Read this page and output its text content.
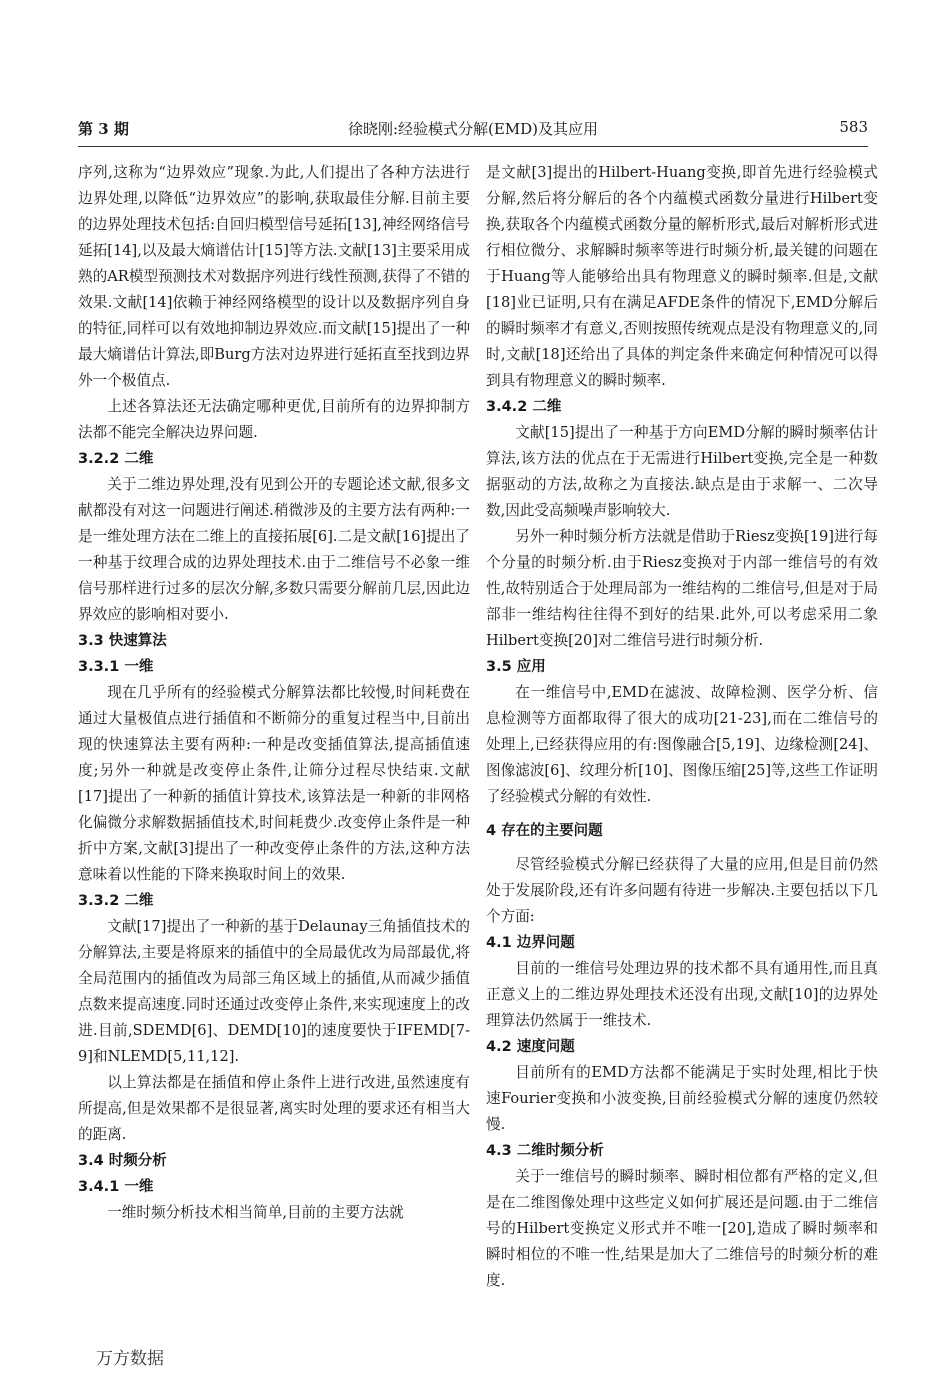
第 3 期	徐晓刚:经验模式分解(EMD)及其应用	583

序列,这称为“边界效应”现象.为此,人们提出了各种方法进行边界处理,以降低“边界效应”的影响,获取最佳分解.目前主要的边界处理技术包括:自回归模型信号延拓[13],神经网络信号延拓[14],以及最大熵谱估计[15]等方法.文献[13]主要采用成熟的AR模型预测技术对数据序列进行线性预测,获得了不错的效果.文献[14]依赖于神经网络模型的设计以及数据序列自身的特征,同样可以有效地抑制边界效应.而文献[15]提出了一种最大熵谱估计算法,即Burg方法对边界进行延拓直至找到边界外一个极值点.

上述各算法还无法确定哪种更优,目前所有的边界抑制方法都不能完全解决边界问题.

3.2.2 二维

关于二维边界处理,没有见到公开的专题论述文献,很多文献都没有对这一问题进行阐述.稍微涉及的主要方法有两种:一是一维处理方法在二维上的直接拓展[6].二是文献[16]提出了一种基于纹理合成的边界处理技术.由于二维信号不必象一维信号那样进行过多的层次分解,多数只需要分解前几层,因此边界效应的影响相对要小.

3.3 快速算法
3.3.1 一维

现在几乎所有的经验模式分解算法都比较慢,时间耗费在通过大量极值点进行插值和不断筛分的重复过程当中,目前出现的快速算法主要有两种:一种是改变插值算法,提高插值速度;另外一种就是改变停止条件,让筛分过程尽快结束.文献[17]提出了一种新的插值计算技术,该算法是一种新的非网格化偏微分求解数据插值技术,时间耗费少.改变停止条件是一种折中方案,文献[3]提出了一种改变停止条件的方法,这种方法意味着以性能的下降来换取时间上的效果.

3.3.2 二维

文献[17]提出了一种新的基于Delaunay三角插值技术的分解算法,主要是将原来的插值中的全局最优改为局部最优,将全局范围内的插值改为局部三角区域上的插值,从而减少插值点数来提高速度.同时还通过改变停止条件,来实现速度上的改进.目前,SDEMD[6]、DEMD[10]的速度要快于IFEMD[7-9]和NLEMD[5,11,12].

以上算法都是在插值和停止条件上进行改进,虽然速度有所提高,但是效果都不是很显著,离实时处理的要求还有相当大的距离.

3.4 时频分析
3.4.1 一维

一维时频分析技术相当简单,目前的主要方法就

是文献[3]提出的Hilbert-Huang变换,即首先进行经验模式分解,然后将分解后的各个内蕴模式函数分量进行Hilbert变换,获取各个内蕴模式函数分量的解析形式,最后对解析形式进行相位微分、求解瞬时频率等进行时频分析,最关键的问题在于Huang等人能够给出具有物理意义的瞬时频率.但是,文献[18]业已证明,只有在满足AFDE条件的情况下,EMD分解后的瞬时频率才有意义,否则按照传统观点是没有物理意义的,同时,文献[18]还给出了具体的判定条件来确定何种情况可以得到具有物理意义的瞬时频率.

3.4.2 二维

文献[15]提出了一种基于方向EMD分解的瞬时频率估计算法,该方法的优点在于无需进行Hilbert变换,完全是一种数据驱动的方法,故称之为直接法.缺点是由于求解一、二次导数,因此受高频噪声影响较大.

另外一种时频分析方法就是借助于Riesz变换[19]进行每个分量的时频分析.由于Riesz变换对于内部一维信号的有效性,故特别适合于处理局部为一维结构的二维信号,但是对于局部非一维结构往往得不到好的结果.此外,可以考虑采用二象Hilbert变换[20]对二维信号进行时频分析.

3.5 应用

在一维信号中,EMD在滤波、故障检测、医学分析、信息检测等方面都取得了很大的成功[21-23],而在二维信号的处理上,已经获得应用的有:图像融合[5,19]、边缘检测[24]、图像滤波[6]、纹理分析[10]、图像压缩[25]等,这些工作证明了经验模式分解的有效性.

4 存在的主要问题

尽管经验模式分解已经获得了大量的应用,但是目前仍然处于发展阶段,还有许多问题有待进一步解决.主要包括以下几个方面:

4.1 边界问题

目前的一维信号处理边界的技术都不具有通用性,而且真正意义上的二维边界处理技术还没有出现,文献[10]的边界处理算法仍然属于一维技术.

4.2 速度问题

目前所有的EMD方法都不能满足于实时处理,相比于快速Fourier变换和小波变换,目前经验模式分解的速度仍然较慢.

4.3 二维时频分析

关于一维信号的瞬时频率、瞬时相位都有严格的定义,但是在二维图像处理中这些定义如何扩展还是问题.由于二维信号的Hilbert变换定义形式并不唯一[20],造成了瞬时频率和瞬时相位的不唯一性,结果是加大了二维信号的时频分析的难度.

万方数据
